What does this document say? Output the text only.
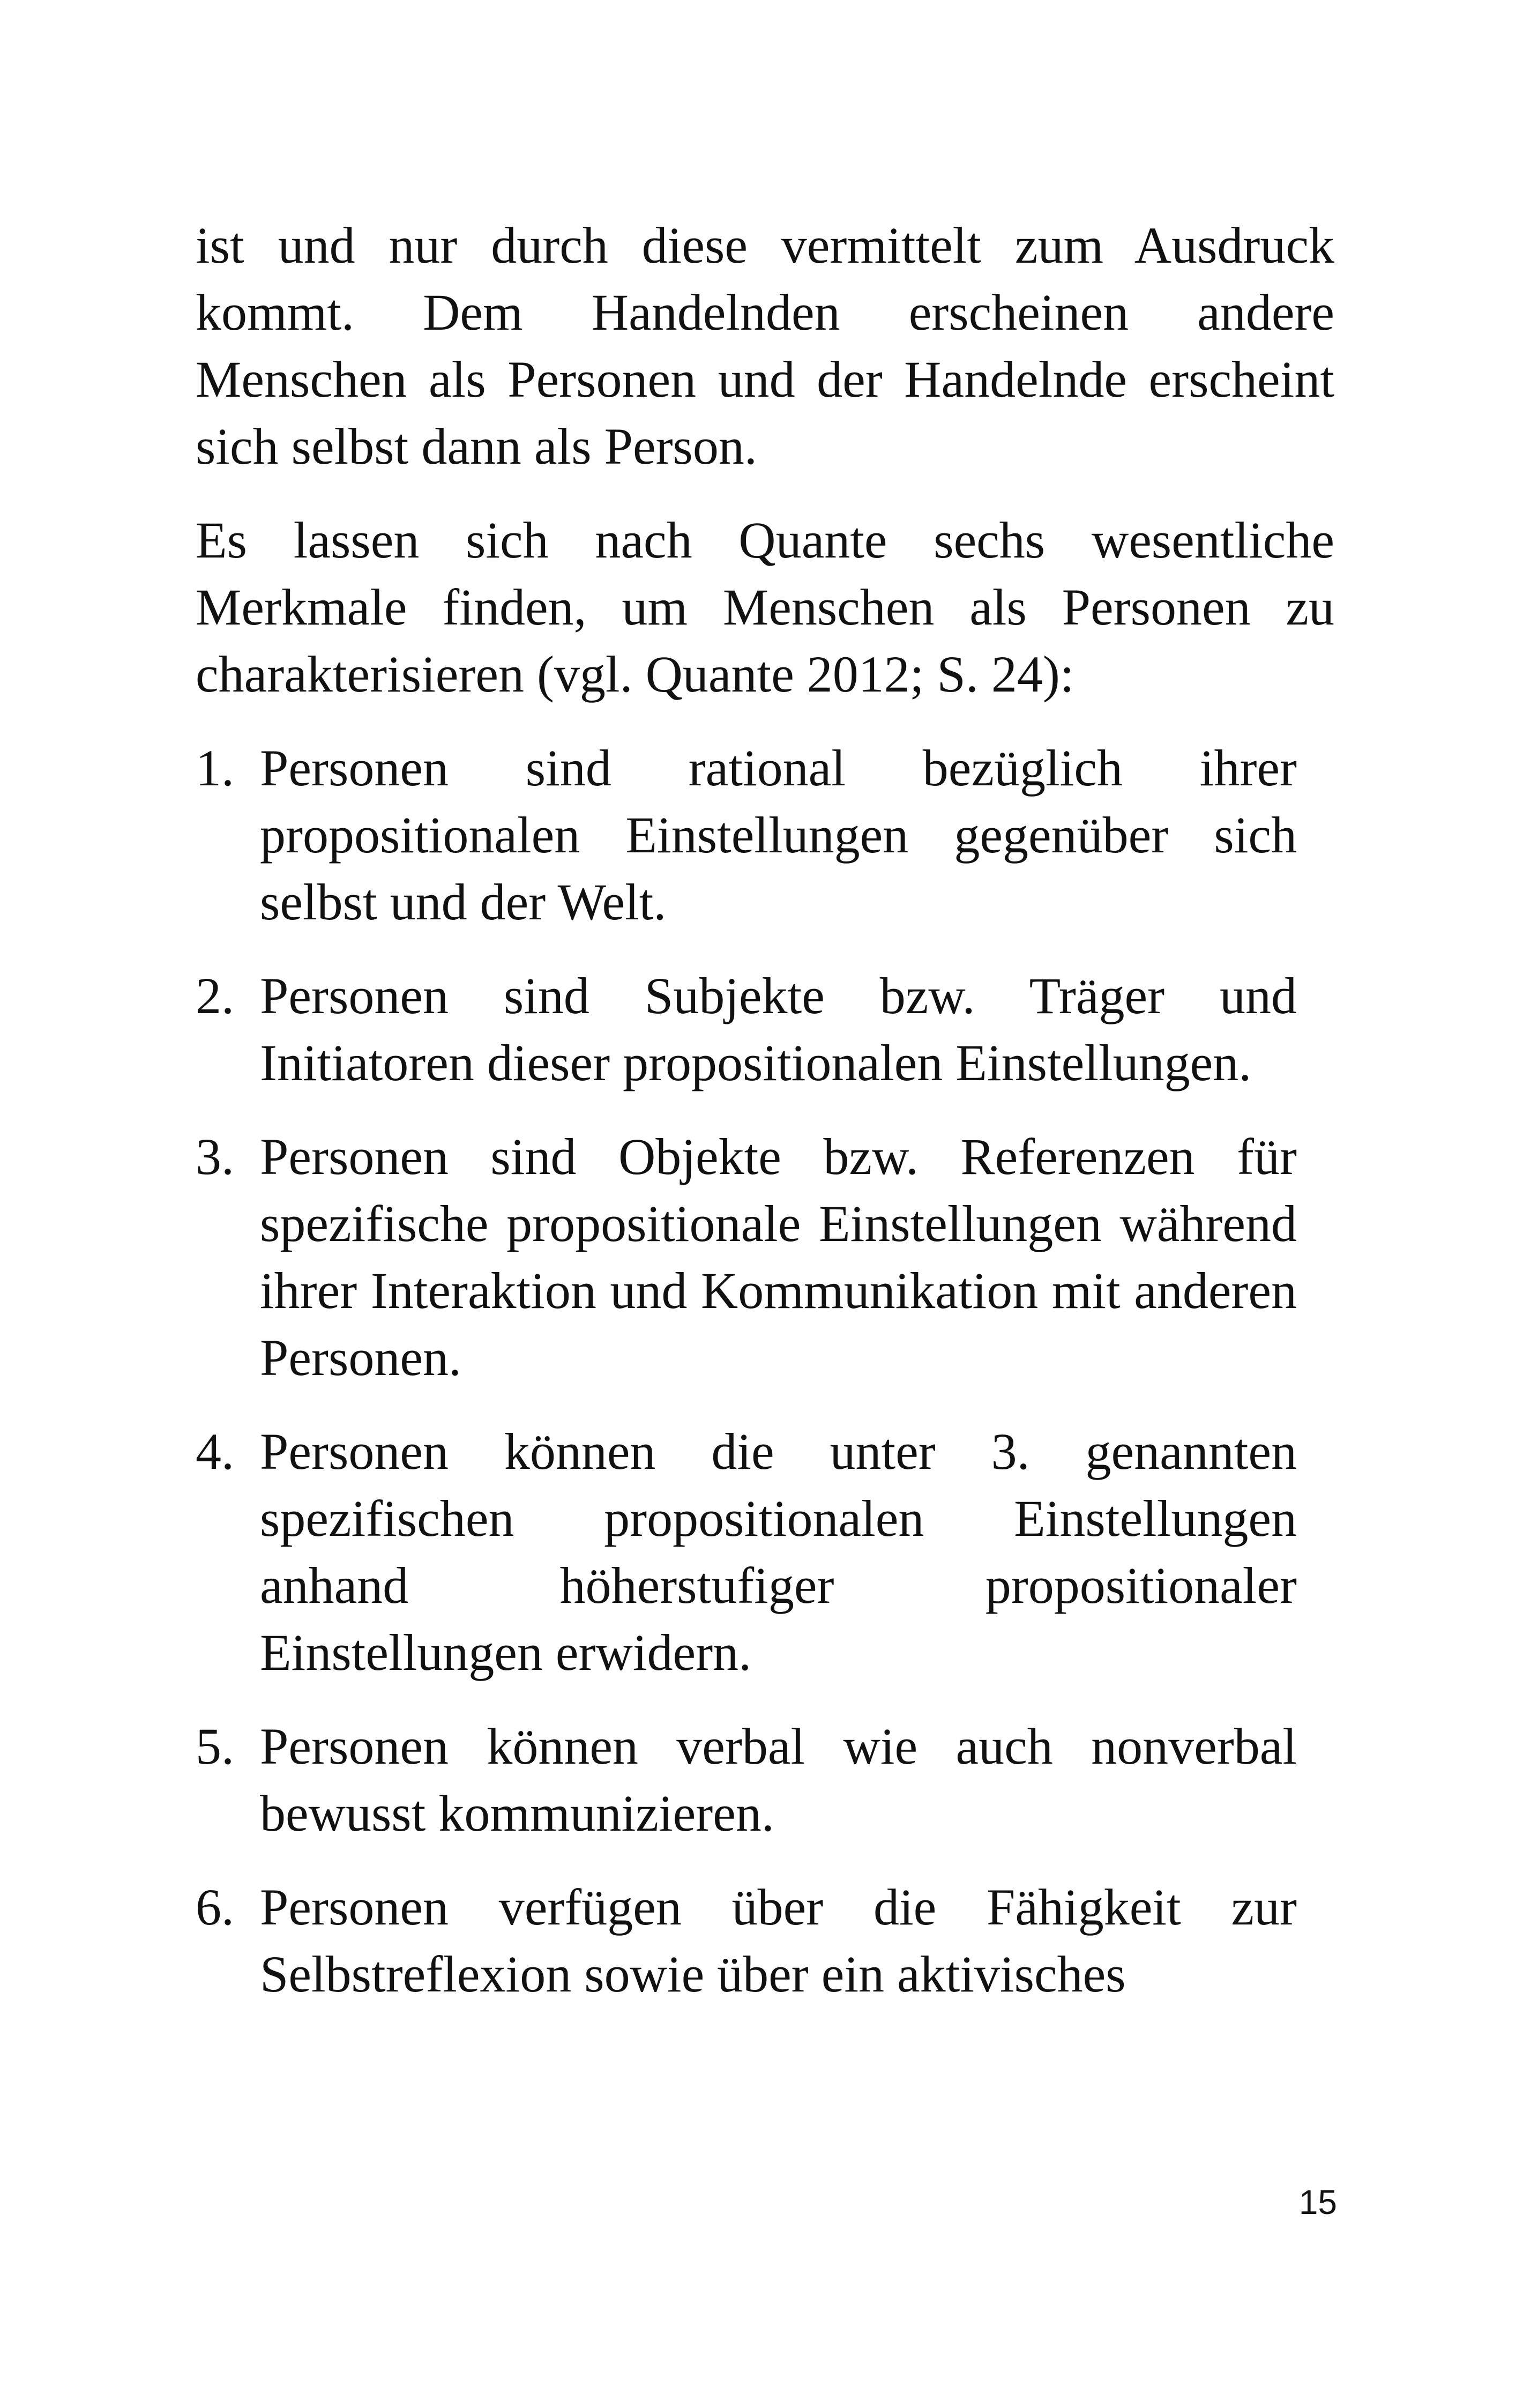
ist und nur durch diese vermittelt zum Ausdruck kommt. Dem Handelnden erscheinen andere Menschen als Personen und der Handelnde erscheint sich selbst dann als Person.

Es lassen sich nach Quante sechs wesentliche Merkmale finden, um Menschen als Personen zu charakterisieren (vgl. Quante 2012; S. 24):

1. Personen sind rational bezüglich ihrer propositionalen Einstellungen gegenüber sich selbst und der Welt.
2. Personen sind Subjekte bzw. Träger und Initiatoren dieser propositionalen Einstellungen.
3. Personen sind Objekte bzw. Referenzen für spezifische propositionale Einstellungen während ihrer Interaktion und Kommunikation mit anderen Personen.
4. Personen können die unter 3. genannten spezifischen propositionalen Einstellungen anhand höherstufiger propositionaler Einstellungen erwidern.
5. Personen können verbal wie auch nonverbal bewusst kommunizieren.
6. Personen verfügen über die Fähigkeit zur Selbstreflexion sowie über ein aktivisches
15
